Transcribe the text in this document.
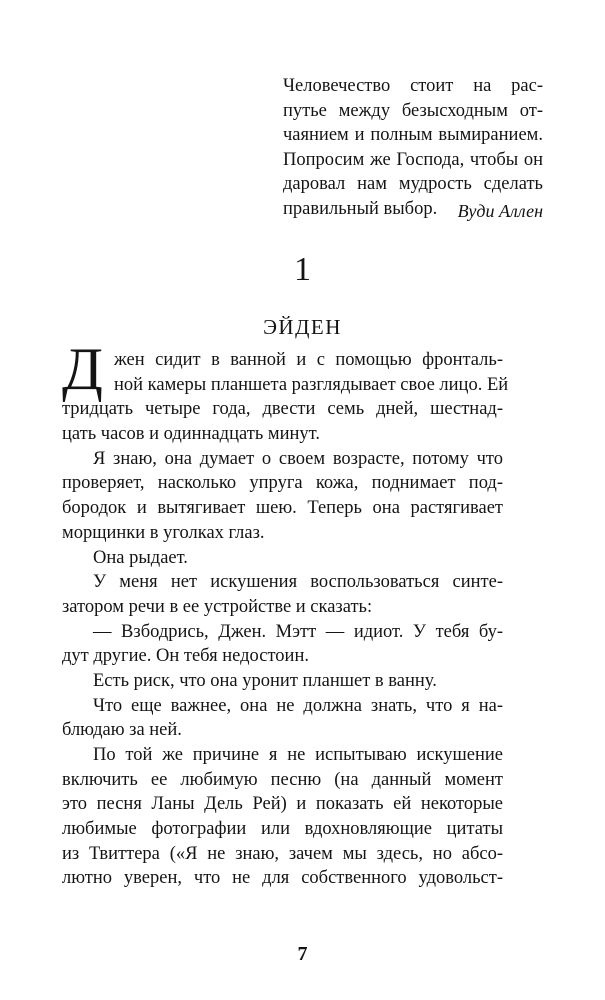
Человечество стоит на рас-
путье между безысходным от-
чаянием и полным вымиранием.
Попросим же Господа, чтобы он
даровал нам мудрость сделать
правильный выбор.	Вуди Аллен
1
ЭЙДЕН
Д жен сидит в ванной и с помощью фронталь-
ной камеры планшета разглядывает свое лицо. Ей
тридцать четыре года, двести семь дней, шестнад-
цать часов и одиннадцать минут.
Я знаю, она думает о своем возрасте, потому что
проверяет, насколько упруга кожа, поднимает под-
бородок и вытягивает шею. Теперь она растягивает
морщинки в уголках глаз.
Она рыдает.
У меня нет искушения воспользоваться синте-
затором речи в ее устройстве и сказать:
— Взбодрись, Джен. Мэтт — идиот. У тебя бу-
дут другие. Он тебя недостоин.
Есть риск, что она уронит планшет в ванну.
Что еще важнее, она не должна знать, что я на-
блюдаю за ней.
По той же причине я не испытываю искушение
включить ее любимую песню (на данный момент
это песня Ланы Дель Рей) и показать ей некоторые
любимые фотографии или вдохновляющие цитаты
из Твиттера («Я не знаю, зачем мы здесь, но абсо-
лютно уверен, что не для собственного удовольст-
7
